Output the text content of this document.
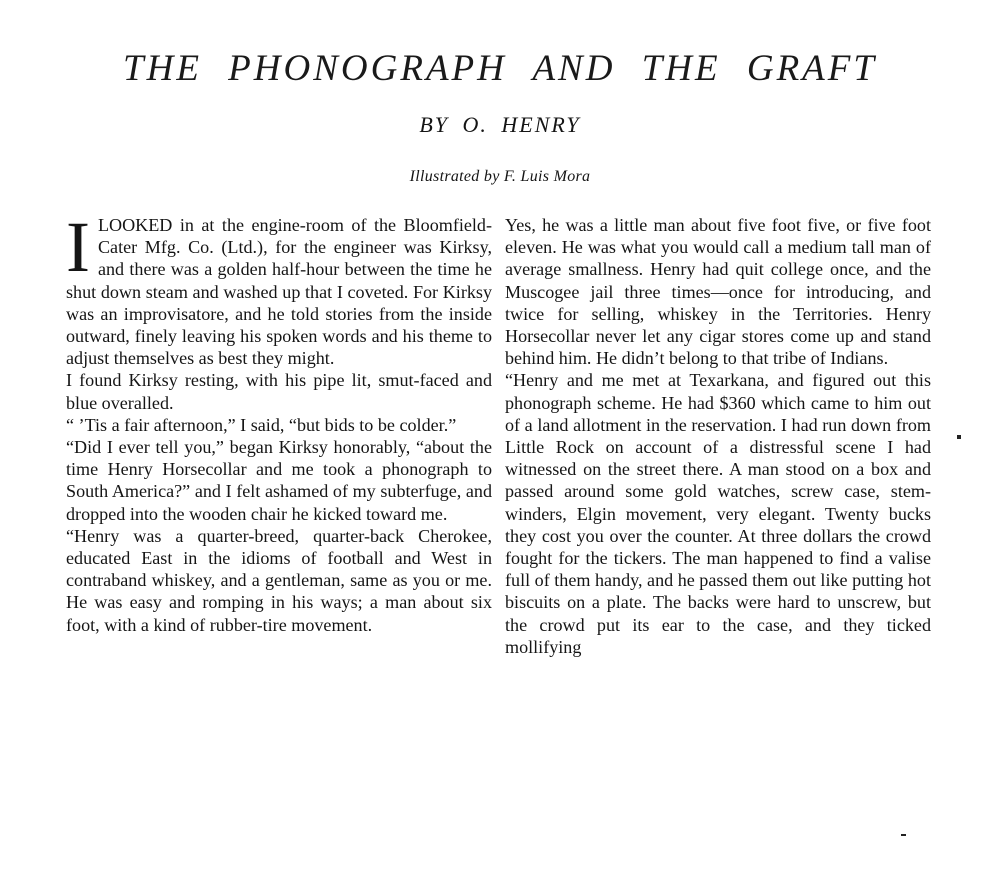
THE PHONOGRAPH AND THE GRAFT
BY O. HENRY
Illustrated by F. Luis Mora

ILOOKED in at the engine-room of the Bloomfield-Cater Mfg. Co. (Ltd.), for the engineer was Kirksy, and there was a golden half-hour between the time he shut down steam and washed up that I coveted. For Kirksy was an improvisatore, and he told stories from the inside outward, finely leaving his spoken words and his theme to adjust themselves as best they might.

I found Kirksy resting, with his pipe lit, smut-faced and blue overalled.

“ ’Tis a fair afternoon,” I said, “but bids to be colder.”

“Did I ever tell you,” began Kirksy honorably, “about the time Henry Horsecollar and me took a phonograph to South America?” and I felt ashamed of my subterfuge, and dropped into the wooden chair he kicked toward me.

“Henry was a quarter-breed, quarter-back Cherokee, educated East in the idioms of football and West in contraband whiskey, and a gentleman, same as you or me. He was easy and romping in his ways; a man about six foot, with a kind of rubber-tire movement.

Yes, he was a little man about five foot five, or five foot eleven. He was what you would call a medium tall man of average smallness. Henry had quit college once, and the Muscogee jail three times—once for introducing, and twice for selling, whiskey in the Territories. Henry Horsecollar never let any cigar stores come up and stand behind him. He didn’t belong to that tribe of Indians.

“Henry and me met at Texarkana, and figured out this phonograph scheme. He had $360 which came to him out of a land allotment in the reservation. I had run down from Little Rock on account of a distressful scene I had witnessed on the street there. A man stood on a box and passed around some gold watches, screw case, stem-winders, Elgin movement, very elegant. Twenty bucks they cost you over the counter. At three dollars the crowd fought for the tickers. The man happened to find a valise full of them handy, and he passed them out like putting hot biscuits on a plate. The backs were hard to unscrew, but the crowd put its ear to the case, and they ticked mollifying
